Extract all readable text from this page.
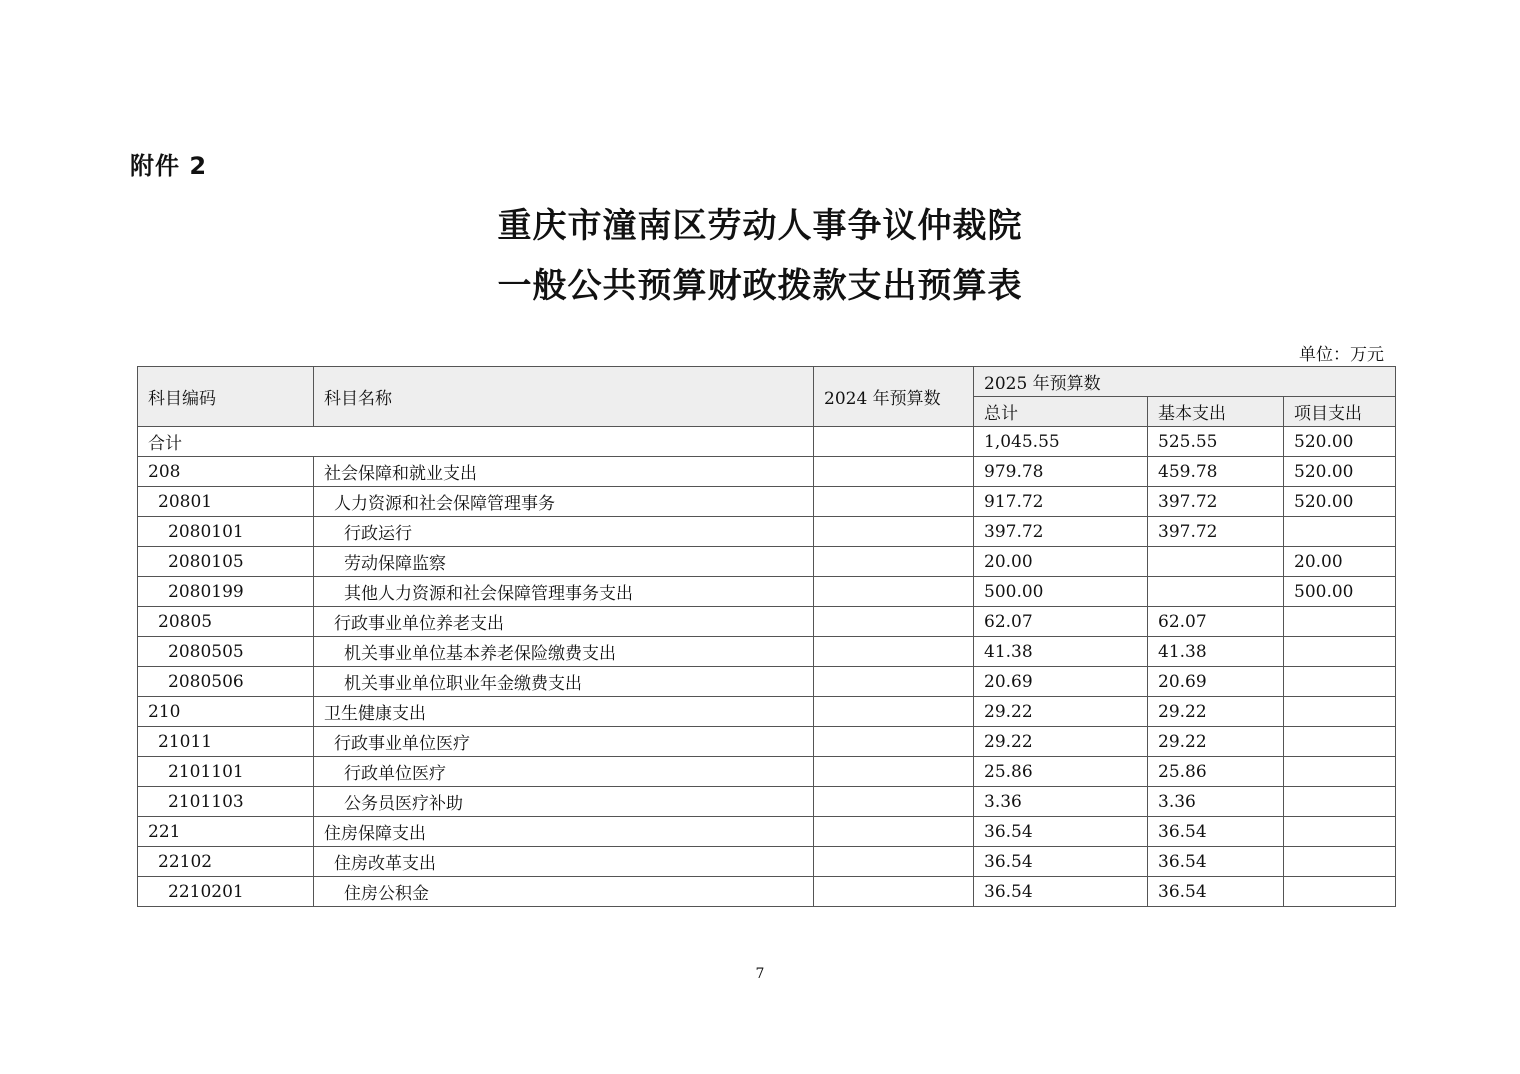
附件 2
重庆市潼南区劳动人事争议仲裁院
一般公共预算财政拨款支出预算表
单位：万元
科目编码	科目名称	2024 年预算数	2025 年预算数		
			总计	基本支出	项目支出
合计			1,045.55	525.55	520.00
208	社会保障和就业支出		979.78	459.78	520.00
20801	人力资源和社会保障管理事务		917.72	397.72	520.00
2080101	行政运行		397.72	397.72	
2080105	劳动保障监察		20.00		20.00
2080199	其他人力资源和社会保障管理事务支出		500.00		500.00
20805	行政事业单位养老支出		62.07	62.07	
2080505	机关事业单位基本养老保险缴费支出		41.38	41.38	
2080506	机关事业单位职业年金缴费支出		20.69	20.69	
210	卫生健康支出		29.22	29.22	
21011	行政事业单位医疗		29.22	29.22	
2101101	行政单位医疗		25.86	25.86	
2101103	公务员医疗补助		3.36	3.36	
221	住房保障支出		36.54	36.54	
22102	住房改革支出		36.54	36.54	
2210201	住房公积金		36.54	36.54	
7
